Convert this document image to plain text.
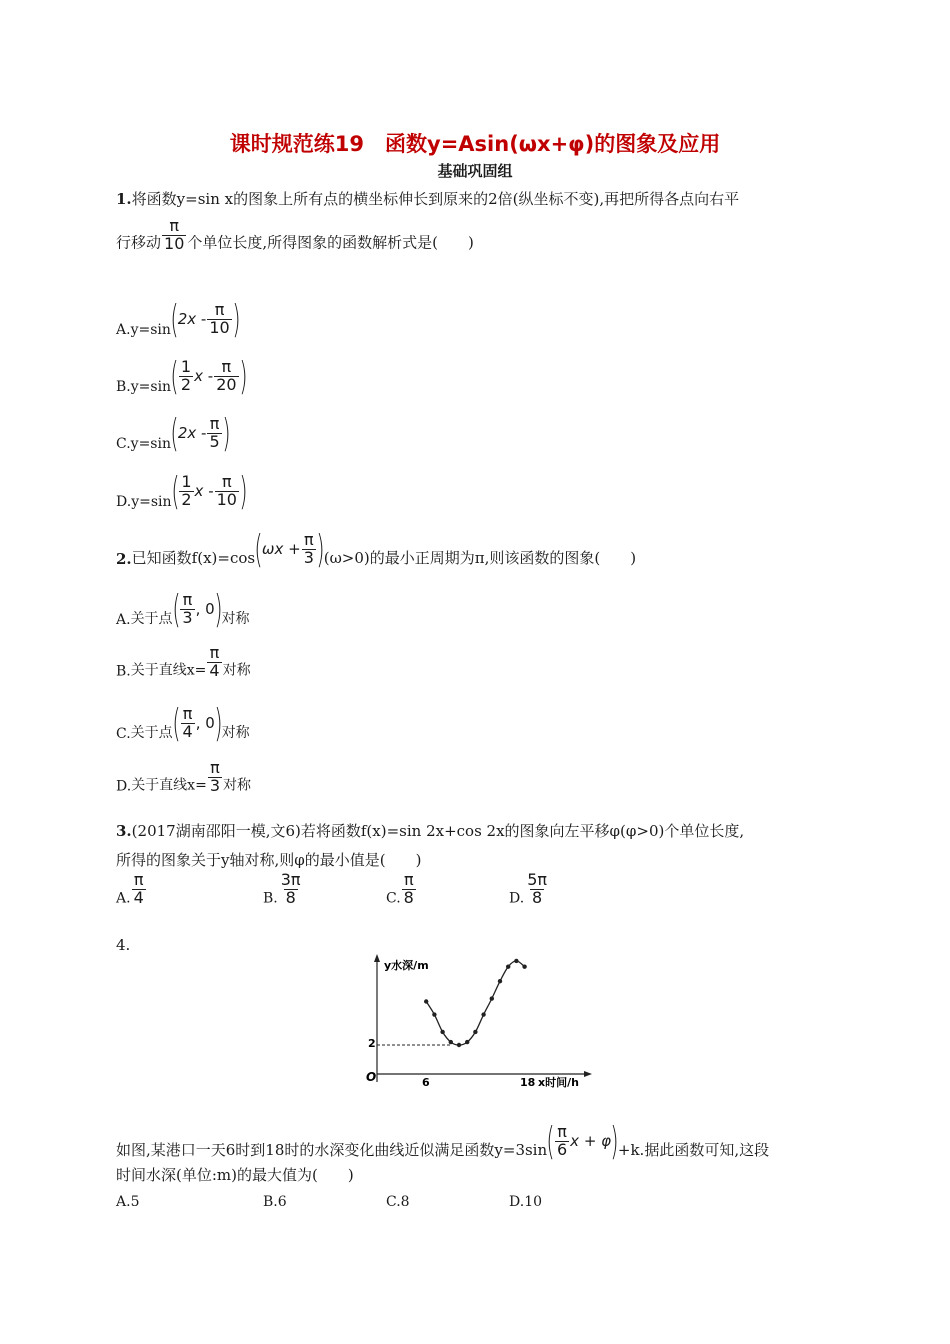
课时规范练19　函数y=Asin(ωx+φ)的图象及应用
基础巩固组
1.将函数y=sin x的图象上所有点的横坐标伸长到原来的2倍(纵坐标不变),再把所得各点向右平
行移动 $\frac{\pi}{10}$ 个单位长度,所得图象的函数解析式是(　　)
$A.y=\sin(2x - \frac{\pi}{10}$ )
$B.y=\sin( \frac{1}{2}$ x - $\frac{\pi}{20}$ )
$C.y=\sin(2x - \frac{\pi}{5}$ )
$D.y=\sin( \frac{1}{2}$ x - $\frac{\pi}{10}$ )
2.已知函数$f(x)=\cos(\omega x + \frac{\pi}{3} )(\omega>0)$的最小正周期为π,则该函数的图象(　　)
A.关于点( $\frac{\pi}{3}$ , 0)对称
B.关于直线$x= \frac{\pi}{4}$ 对称
C.关于点( $\frac{\pi}{4}$ , 0)对称
D.关于直线$x= \frac{\pi}{3}$ 对称
3.(2017湖南邵阳一模,文6)若将函数f(x)=sin 2x+cos 2x的图象向左平移φ(φ>0)个单位长度,
所得的图象关于y轴对称,则φ的最小值是(　　)
A. $\frac{\pi}{4}$	B. $\frac{3\pi}{8}$	C. $\frac{\pi}{8}$	D. $\frac{5\pi}{8}$
4.
y水深/m
x时间/h
O	6	18
2
如图,某港口一天6时到18时的水深变化曲线近似满足函数$y=3\sin( \frac{\pi}{6}$ x + φ)+k.据此函数可知,这段
时间水深(单位:m)的最大值为(　　)
A.5	B.6	C.8	D.10
